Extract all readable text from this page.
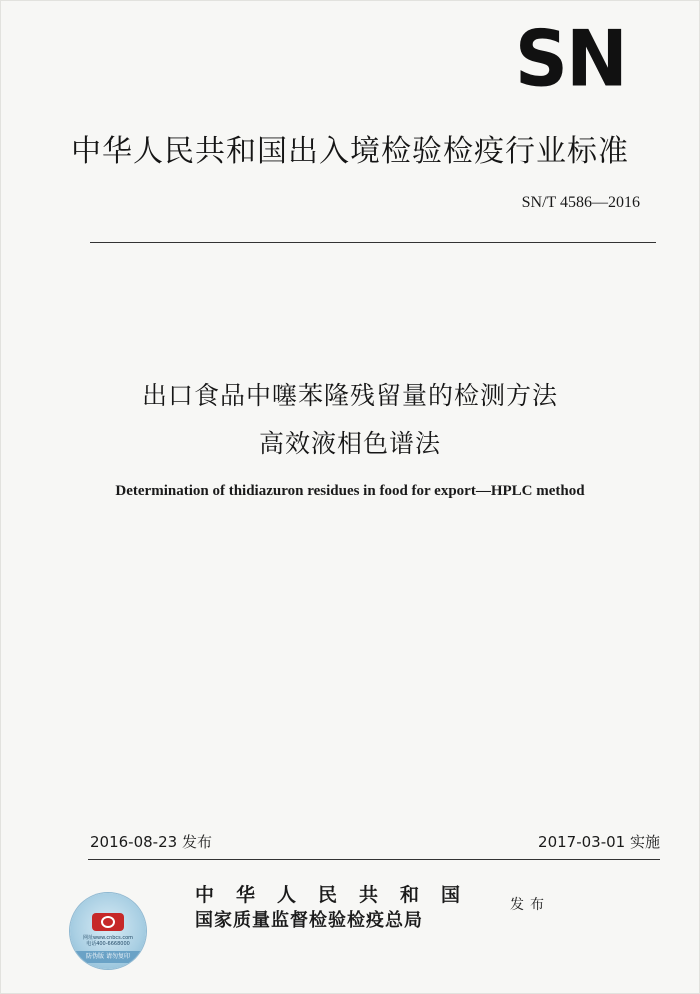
SN
中华人民共和国出入境检验检疫行业标准
SN/T 4586—2016
出口食品中噻苯隆残留量的检测方法
高效液相色谱法
Determination of thidiazuron residues in food for export—HPLC method
2016-08-23 发布	2017-03-01 实施
网址www.cnbcs.com
电话400-6668000
防伪版 请勿复印
中华人民共和国
国家质量监督检验检疫总局
发布
